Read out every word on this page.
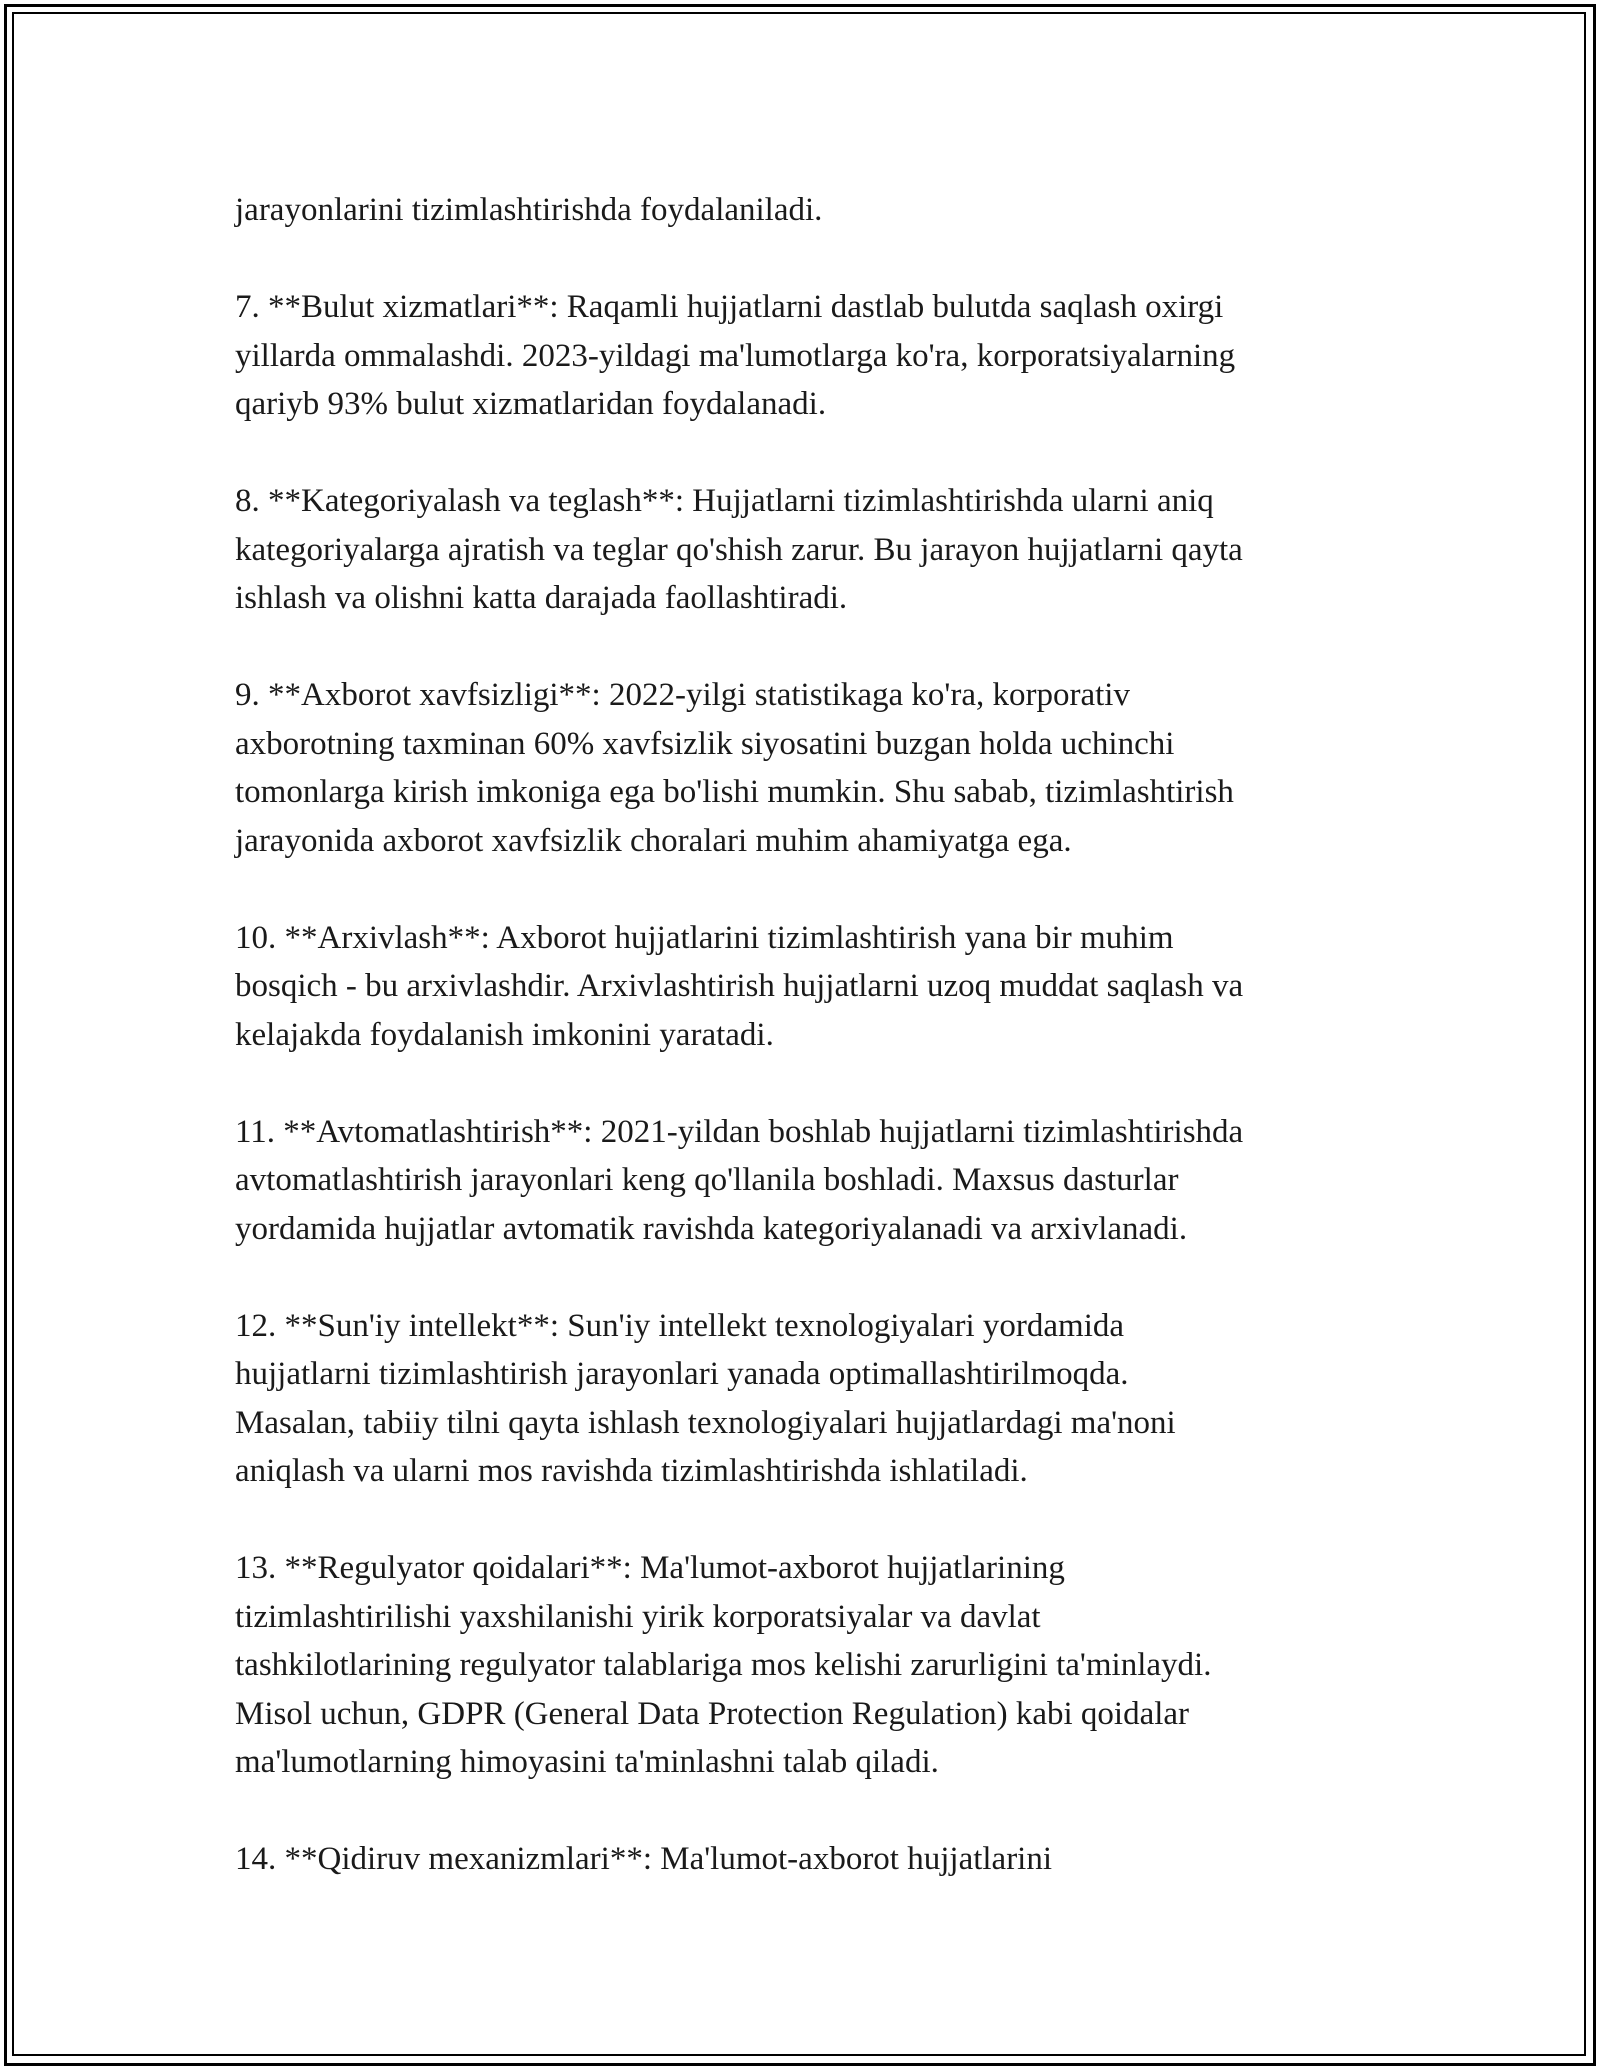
jarayonlarini tizimlashtirishda foydalaniladi.

7. **Bulut xizmatlari**: Raqamli hujjatlarni dastlab bulutda saqlash oxirgi
yillarda ommalashdi. 2023-yildagi ma'lumotlarga ko'ra, korporatsiyalarning
qariyb 93% bulut xizmatlaridan foydalanadi.

8. **Kategoriyalash va teglash**: Hujjatlarni tizimlashtirishda ularni aniq
kategoriyalarga ajratish va teglar qo'shish zarur. Bu jarayon hujjatlarni qayta
ishlash va olishni katta darajada faollashtiradi.

9. **Axborot xavfsizligi**: 2022-yilgi statistikaga ko'ra, korporativ
axborotning taxminan 60% xavfsizlik siyosatini buzgan holda uchinchi
tomonlarga kirish imkoniga ega bo'lishi mumkin. Shu sabab, tizimlashtirish
jarayonida axborot xavfsizlik choralari muhim ahamiyatga ega.

10. **Arxivlash**: Axborot hujjatlarini tizimlashtirish yana bir muhim
bosqich - bu arxivlashdir. Arxivlashtirish hujjatlarni uzoq muddat saqlash va
kelajakda foydalanish imkonini yaratadi.

11. **Avtomatlashtirish**: 2021-yildan boshlab hujjatlarni tizimlashtirishda
avtomatlashtirish jarayonlari keng qo'llanila boshladi. Maxsus dasturlar
yordamida hujjatlar avtomatik ravishda kategoriyalanadi va arxivlanadi.

12. **Sun'iy intellekt**: Sun'iy intellekt texnologiyalari yordamida
hujjatlarni tizimlashtirish jarayonlari yanada optimallashtirilmoqda.
Masalan, tabiiy tilni qayta ishlash texnologiyalari hujjatlardagi ma'noni
aniqlash va ularni mos ravishda tizimlashtirishda ishlatiladi.

13. **Regulyator qoidalari**: Ma'lumot-axborot hujjatlarining
tizimlashtirilishi yaxshilanishi yirik korporatsiyalar va davlat
tashkilotlarining regulyator talablariga mos kelishi zarurligini ta'minlaydi.
Misol uchun, GDPR (General Data Protection Regulation) kabi qoidalar
ma'lumotlarning himoyasini ta'minlashni talab qiladi.

14. **Qidiruv mexanizmlari**: Ma'lumot-axborot hujjatlarini
